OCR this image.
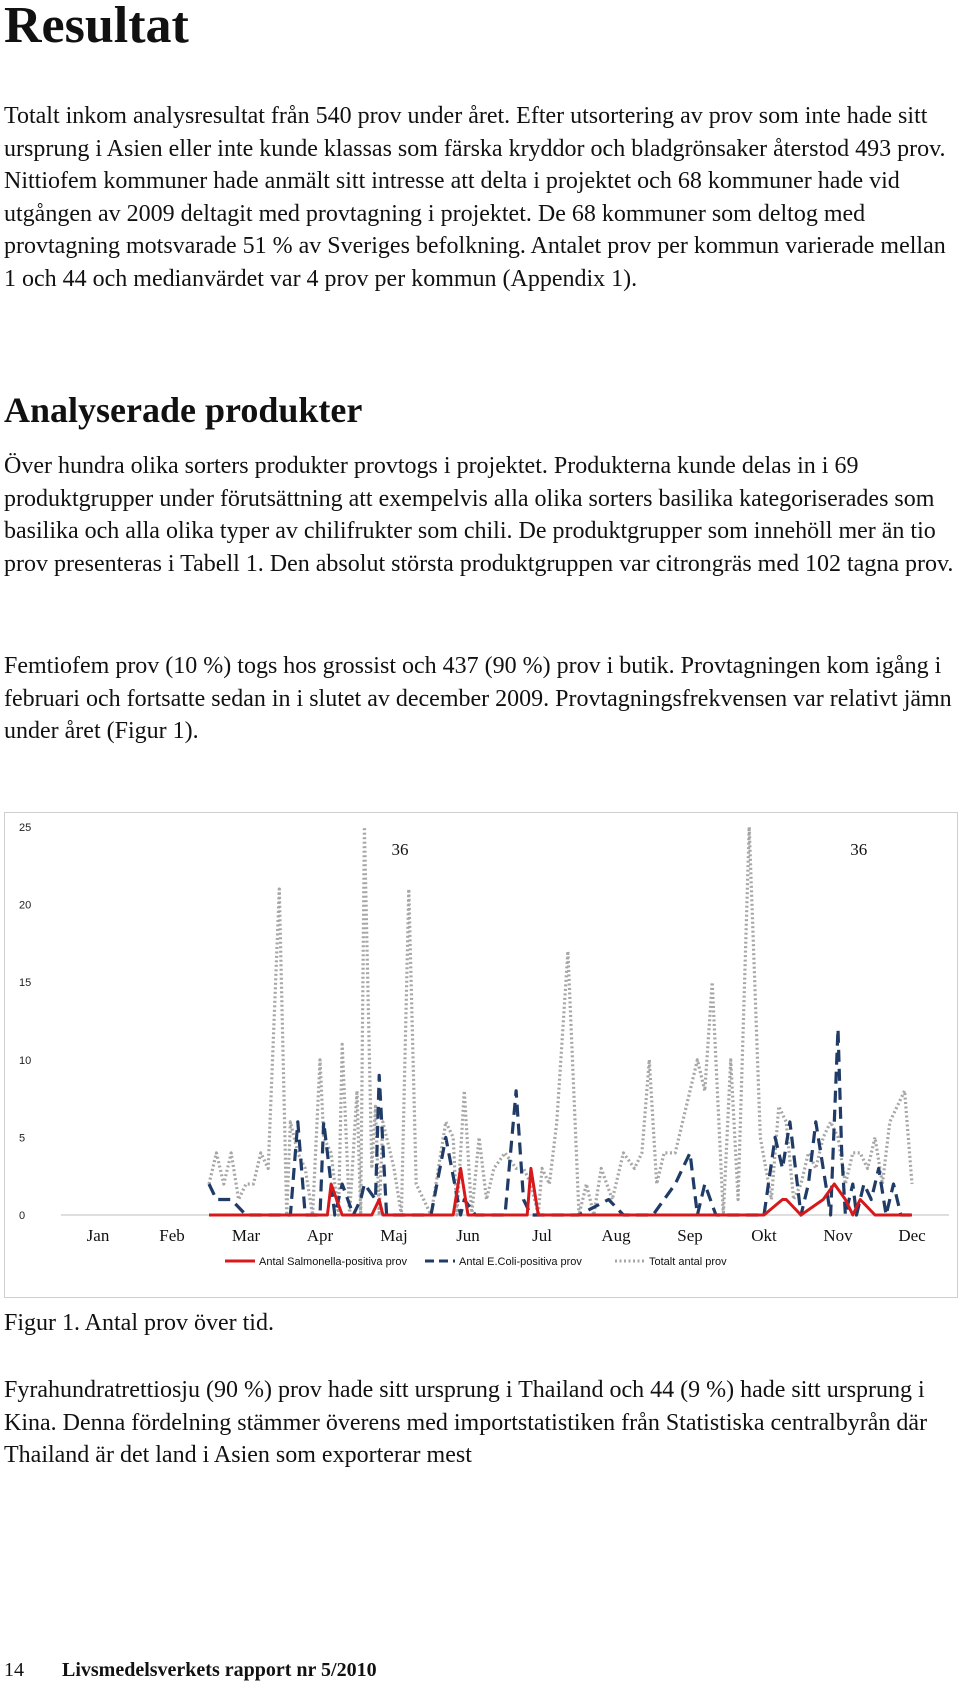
Resultat

Totalt inkom analysresultat från 540 prov under året. Efter utsortering av prov som inte hade sitt ursprung i Asien eller inte kunde klassas som färska kryddor och bladgrönsaker återstod 493 prov. Nittiofem kommuner hade anmält sitt intresse att delta i projektet och 68 kommuner hade vid utgången av 2009 deltagit med provtagning i projektet. De 68 kommuner som deltog med provtagning motsvarade 51 % av Sveriges befolkning. Antalet prov per kommun varierade mellan 1 och 44 och medianvärdet var 4 prov per kommun (Appendix 1).

Analyserade produkter

Över hundra olika sorters produkter provtogs i projektet. Produkterna kunde delas in i 69 produktgrupper under förutsättning att exempelvis alla olika sorters basilika kategoriserades som basilika och alla olika typer av chilifrukter som chili. De produktgrupper som innehöll mer än tio prov presenteras i Tabell 1. Den absolut största produktgruppen var citrongräs med 102 tagna prov.

Femtiofem prov (10 %) togs hos grossist och 437 (90 %) prov i butik. Provtagningen kom igång i februari och fortsatte sedan in i slutet av december 2009. Provtagningsfrekvensen var relativt jämn under året (Figur 1).

0
5
10
15
20
25
Jan	Feb	Mar	Apr	Maj	Jun	Jul	Aug	Sep	Okt	Nov	Dec
36	36
Antal Salmonella-positiva prov	Antal E.Coli-positiva prov	Totalt antal prov

Figur 1. Antal prov över tid.

Fyrahundratrettiosju (90 %) prov hade sitt ursprung i Thailand och 44 (9 %) hade sitt ursprung i Kina. Denna fördelning stämmer överens med importstatistiken från Statistiska centralbyrån där Thailand är det land i Asien som exporterar mest

14 Livsmedelsverkets rapport nr 5/2010
